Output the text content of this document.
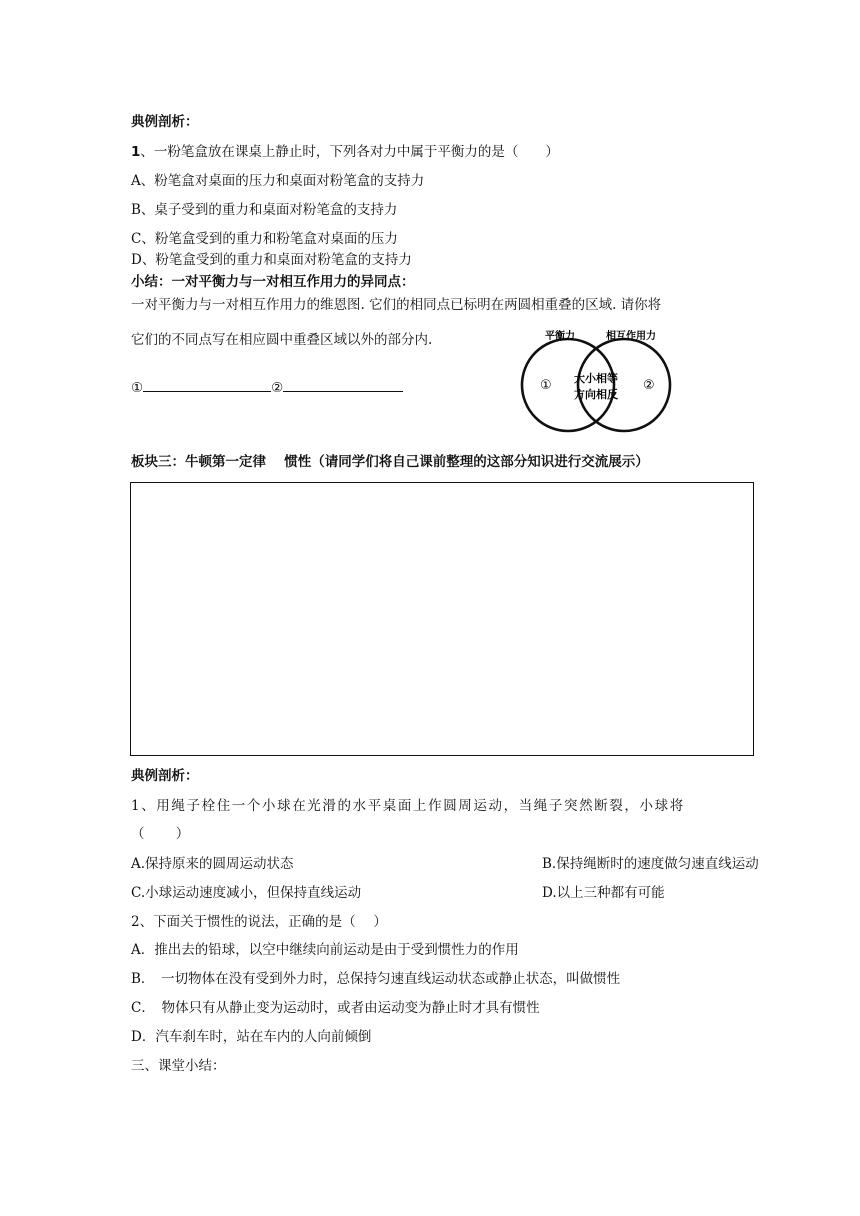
典例剖析：
1、一粉笔盒放在课桌上静止时，下列各对力中属于平衡力的是（　　）
A、粉笔盒对桌面的压力和桌面对粉笔盒的支持力
B、桌子受到的重力和桌面对粉笔盒的支持力
C、粉笔盒受到的重力和粉笔盒对桌面的压力
D、粉笔盒受到的重力和桌面对粉笔盒的支持力
小结：一对平衡力与一对相互作用力的异同点：
一对平衡力与一对相互作用力的维恩图. 它们的相同点已标明在两圆相重叠的区域. 请你将
它们的不同点写在相应圆中重叠区域以外的部分内.
①	②
平衡力	相互作用力
①	②
大小相等
方向相反
板块三：牛顿第一定律　 惯性（请同学们将自己课前整理的这部分知识进行交流展示）
典例剖析：
1、用绳子栓住一个小球在光滑的水平桌面上作圆周运动，当绳子突然断裂，小球将
（　　 ）
A.保持原来的圆周运动状态	B.保持绳断时的速度做匀速直线运动
C.小球运动速度减小，但保持直线运动	D.以上三种都有可能
2、下面关于惯性的说法，正确的是（　 ）
A．推出去的铅球，以空中继续向前运动是由于受到惯性力的作用
B．　一切物体在没有受到外力时，总保持匀速直线运动状态或静止状态，叫做惯性
C．　物体只有从静止变为运动时，或者由运动变为静止时才具有惯性
D．汽车刹车时，站在车内的人向前倾倒
三、课堂小结：
